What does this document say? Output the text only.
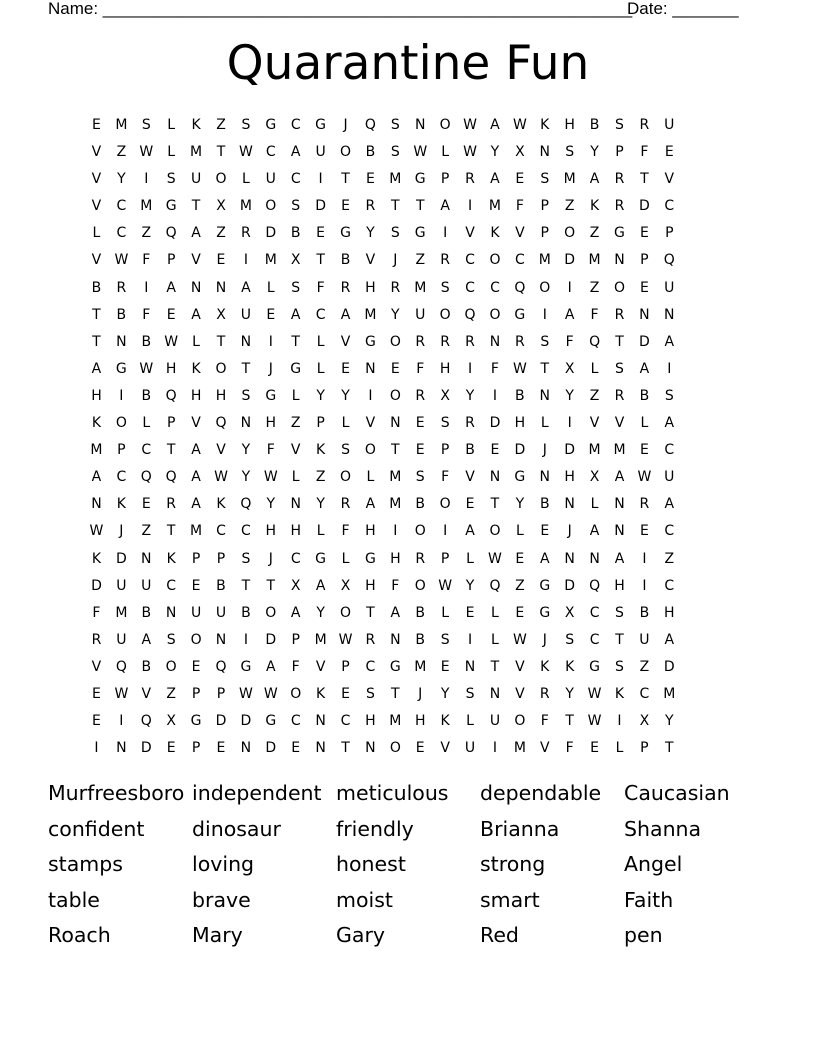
Name: ________________________________________________________
Date: _______
Quarantine Fun
E	M	S	L	K	Z	S	G	C	G	J	Q	S	N	O W A W K	H	B	S	R	U
V	Z W	L	M	T W C	A	U	O	B	S W	L	W Y	X	N	S	Y	P	F	E
V	Y	I	S	U	O	L	U	C	I	T	E	M G	P	R	A	E	S	M	A	R	T	V
V	C M G	T	X	M O	S	D	E	R	T	T	A	I	M	F	P	Z	K	R	D	C
L	C	Z	Q	A	Z	R	D	B	E	G	Y	S	G	I	V	K	V	P	O	Z	G	E	P
V W F	P	V	E	I	M	X	T	B	V	J	Z	R	C	O	C M D M N	P	Q
B	R	I	A	N	N	A	L	S	F	R	H	R	M	S	C	C	Q O	I	Z	O	E	U
T	B	F	E	A	X	U	E	A	C	A	M	Y	U	O Q O G	I	A	F	R	N	N
T	N	B W	L	T	N	I	T	L	V	G O	R	R	R	N	R	S	F	Q	T	D	A
A	G W H	K	O	T	J	G	L	E	N	E	F	H	I	F W T	X	L	S	A	I
H	I	B	Q	H	H	S	G	L	Y	Y	I	O	R	X	Y	I	B	N	Y	Z	R	B	S
K	O	L	P	V	Q	N	H	Z	P	L	V	N	E	S	R	D	H	L	I	V	V	L	A
M	P	C	T	A	V	Y	F	V	K	S	O	T	E	P	B	E	D	J	D M M	E	C
A	C	Q Q	A W Y W	L	Z	O	L	M	S	F	V	N	G	N	H	X	A W U
N	K	E	R	A	K	Q	Y	N	Y	R	A	M	B	O	E	T	Y	B	N	L	N	R	A
W	J	Z	T	M C	C	H	H	L	F	H	I	O	I	A	O	L	E	J	A	N	E	C
K	D	N	K	P	P	S	J	C	G	L	G	H	R	P	L	W E	A	N	N	A	I	Z
D	U	U	C	E	B	T	T	X	A	X	H	F	O W Y	Q	Z	G	D	Q	H	I	C
F	M	B	N	U	U	B	O	A	Y	O	T	A	B	L	E	L	E	G	X	C	S	B	H
R	U	A	S	O	N	I	D	P	M W R	N	B	S	I	L	W	J	S	C	T	U	A
V	Q	B	O	E	Q G	A	F	V	P	C	G M	E	N	T	V	K	K	G	S	Z	D
E W V	Z	P	P W W O	K	E	S	T	J	Y	S	N	V	R	Y W K	C M
E	I	Q	X	G	D	D	G	C	N	C	H M H	K	L	U	O	F	T W	I	X	Y
I	N	D	E	P	E	N	D	E	N	T	N	O	E	V	U	I	M	V	F	E	L	P	T
Murfreesboro independent meticulous	dependable	Caucasian
confident	dinosaur	friendly	Brianna	Shanna
stamps	loving	honest	strong	Angel
table	brave	moist	smart	Faith
Roach	Mary	Gary	Red	pen
